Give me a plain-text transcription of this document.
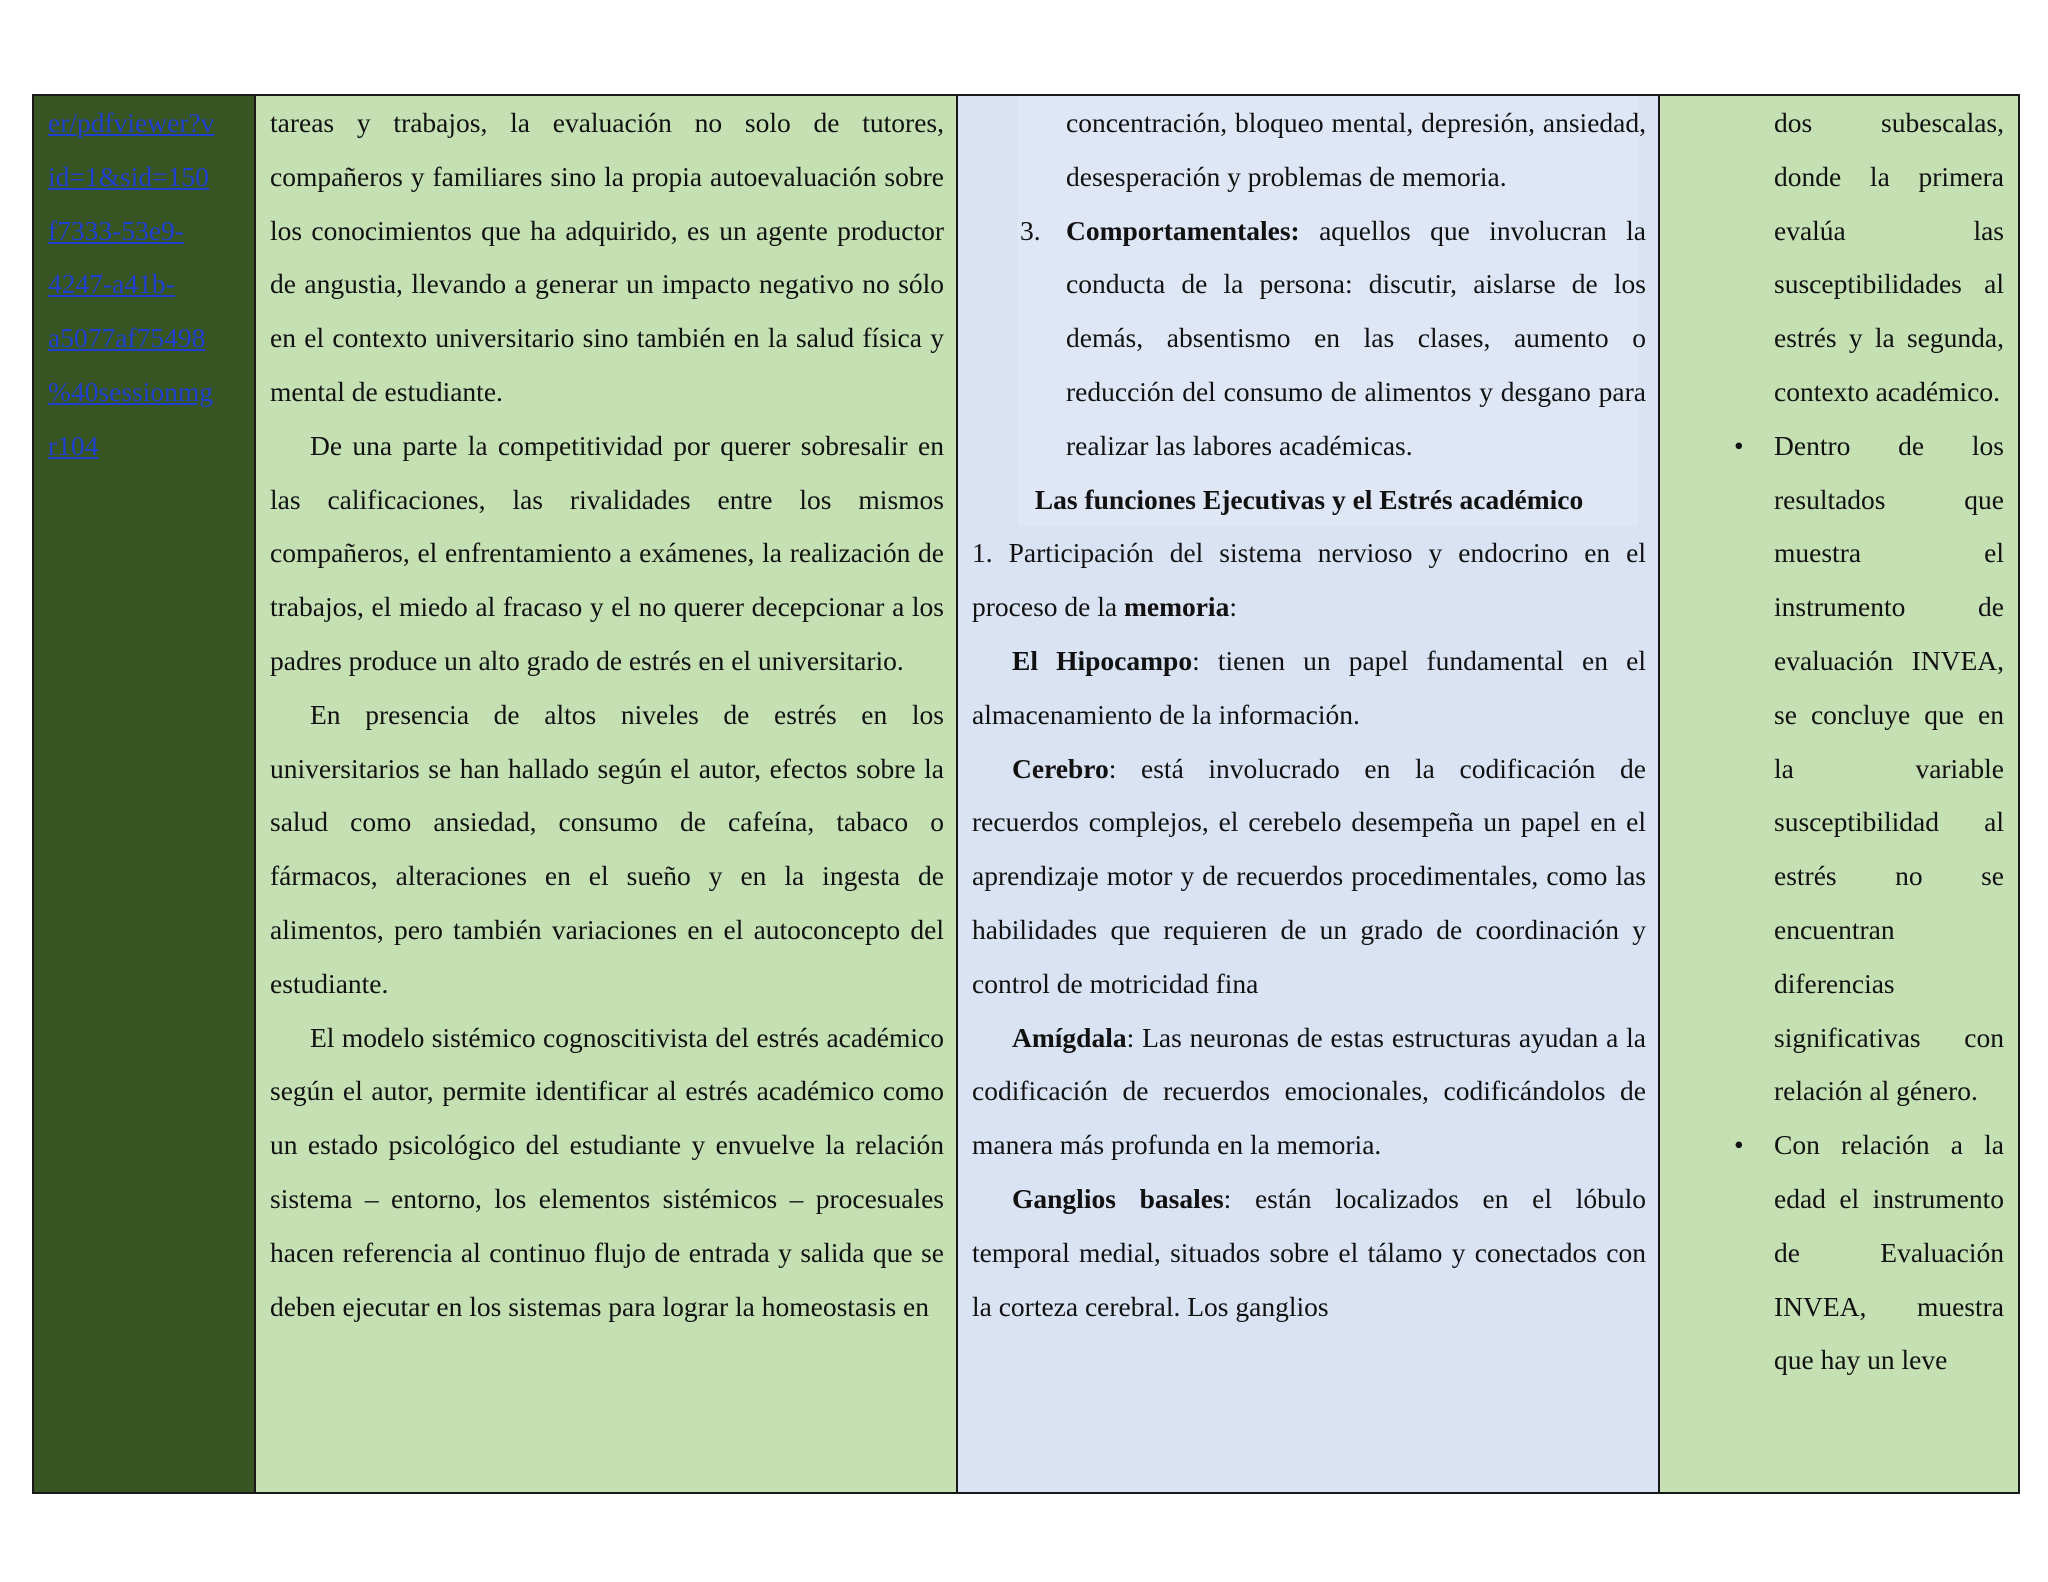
er/pdfviewer?v
id=1&sid=150
f7333-53e9-
4247-a41b-
a5077af75498
%40sessionmg
r104

tareas y trabajos, la evaluación no solo de tutores, compañeros y familiares sino la propia autoevaluación sobre los conocimientos que ha adquirido, es un agente productor de angustia, llevando a generar un impacto negativo no sólo en el contexto universitario sino también en la salud física y mental de estudiante.

De una parte la competitividad por querer sobresalir en las calificaciones, las rivalidades entre los mismos compañeros, el enfrentamiento a exámenes, la realización de trabajos, el miedo al fracaso y el no querer decepcionar a los padres produce un alto grado de estrés en el universitario.

En presencia de altos niveles de estrés en los universitarios se han hallado según el autor, efectos sobre la salud como ansiedad, consumo de cafeína, tabaco o fármacos, alteraciones en el sueño y en la ingesta de alimentos, pero también variaciones en el autoconcepto del estudiante.

El modelo sistémico cognoscitivista del estrés académico según el autor, permite identificar al estrés académico como un estado psicológico del estudiante y envuelve la relación sistema – entorno, los elementos sistémicos – procesuales hacen referencia al continuo flujo de entrada y salida que se deben ejecutar en los sistemas para lograr la homeostasis en

concentración, bloqueo mental, depresión, ansiedad, desesperación y problemas de memoria.

3. Comportamentales: aquellos que involucran la conducta de la persona: discutir, aislarse de los demás, absentismo en las clases, aumento o reducción del consumo de alimentos y desgano para realizar las labores académicas.

Las funciones Ejecutivas y el Estrés académico

1. Participación del sistema nervioso y endocrino en el proceso de la memoria:

El Hipocampo: tienen un papel fundamental en el almacenamiento de la información.

Cerebro: está involucrado en la codificación de recuerdos complejos, el cerebelo desempeña un papel en el aprendizaje motor y de recuerdos procedimentales, como las habilidades que requieren de un grado de coordinación y control de motricidad fina

Amígdala: Las neuronas de estas estructuras ayudan a la codificación de recuerdos emocionales, codificándolos de manera más profunda en la memoria.

Ganglios basales: están localizados en el lóbulo temporal medial, situados sobre el tálamo y conectados con la corteza cerebral. Los ganglios

dos subescalas, donde la primera evalúa las susceptibilidades al estrés y la segunda, contexto académico.

• Dentro de los resultados que muestra el instrumento de evaluación INVEA, se concluye que en la variable susceptibilidad al estrés no se encuentran diferencias significativas con relación al género.

• Con relación a la edad el instrumento de Evaluación INVEA, muestra que hay un leve
